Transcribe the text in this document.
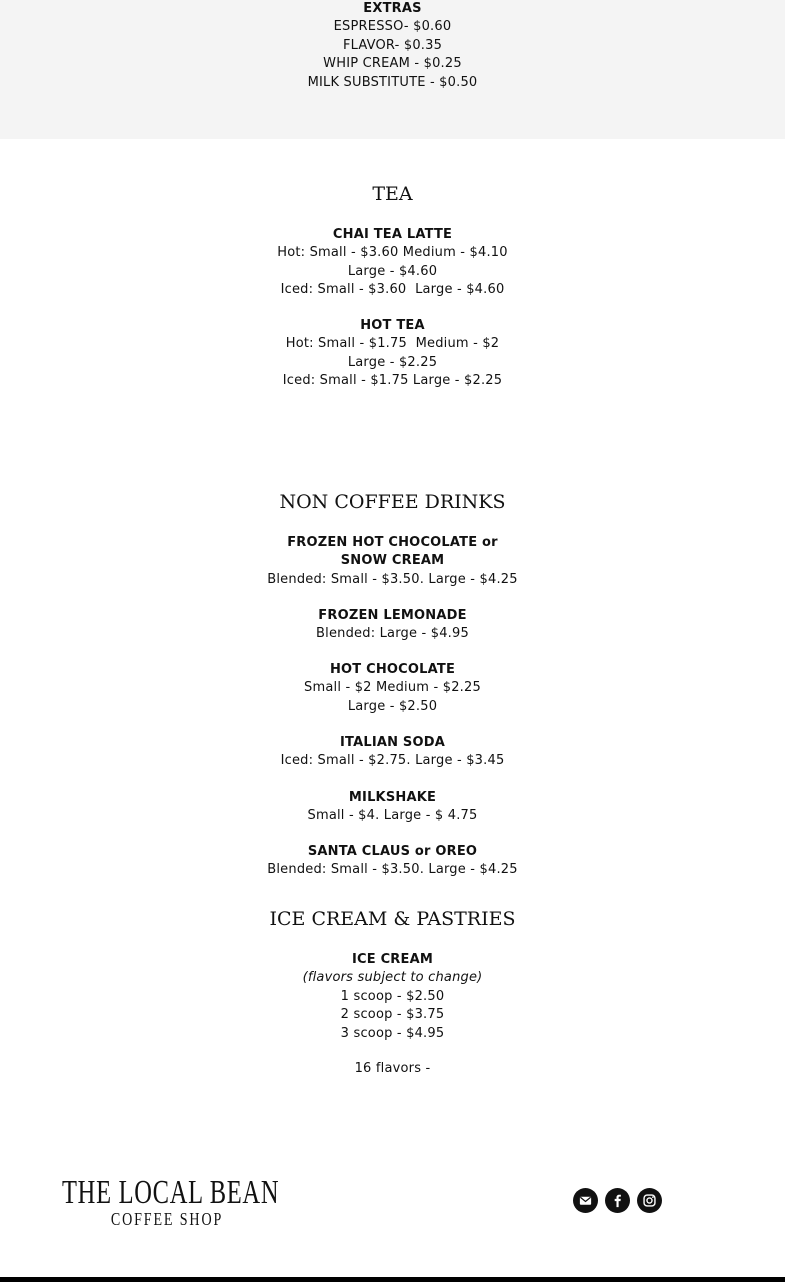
EXTRAS
ESPRESSO- $0.60
FLAVOR- $0.35
WHIP CREAM - $0.25
MILK SUBSTITUTE - $0.50
TEA
CHAI TEA LATTE
Hot: Small - $3.60 Medium - $4.10
Large - $4.60
Iced: Small - $3.60  Large - $4.60
HOT TEA
Hot: Small - $1.75  Medium - $2
Large - $2.25
Iced: Small - $1.75 Large - $2.25
NON COFFEE DRINKS
FROZEN HOT CHOCOLATE or
SNOW CREAM
Blended: Small - $3.50. Large - $4.25
FROZEN LEMONADE
Blended: Large - $4.95
HOT CHOCOLATE
Small - $2 Medium - $2.25
Large - $2.50
ITALIAN SODA
Iced: Small - $2.75. Large - $3.45
MILKSHAKE
Small - $4. Large - $ 4.75
SANTA CLAUS or OREO
Blended: Small - $3.50. Large - $4.25
ICE CREAM & PASTRIES
ICE CREAM
(flavors subject to change)
1 scoop - $2.50
2 scoop - $3.75
3 scoop - $4.95
16 flavors -
THE LOCAL BEAN
COFFEE SHOP
